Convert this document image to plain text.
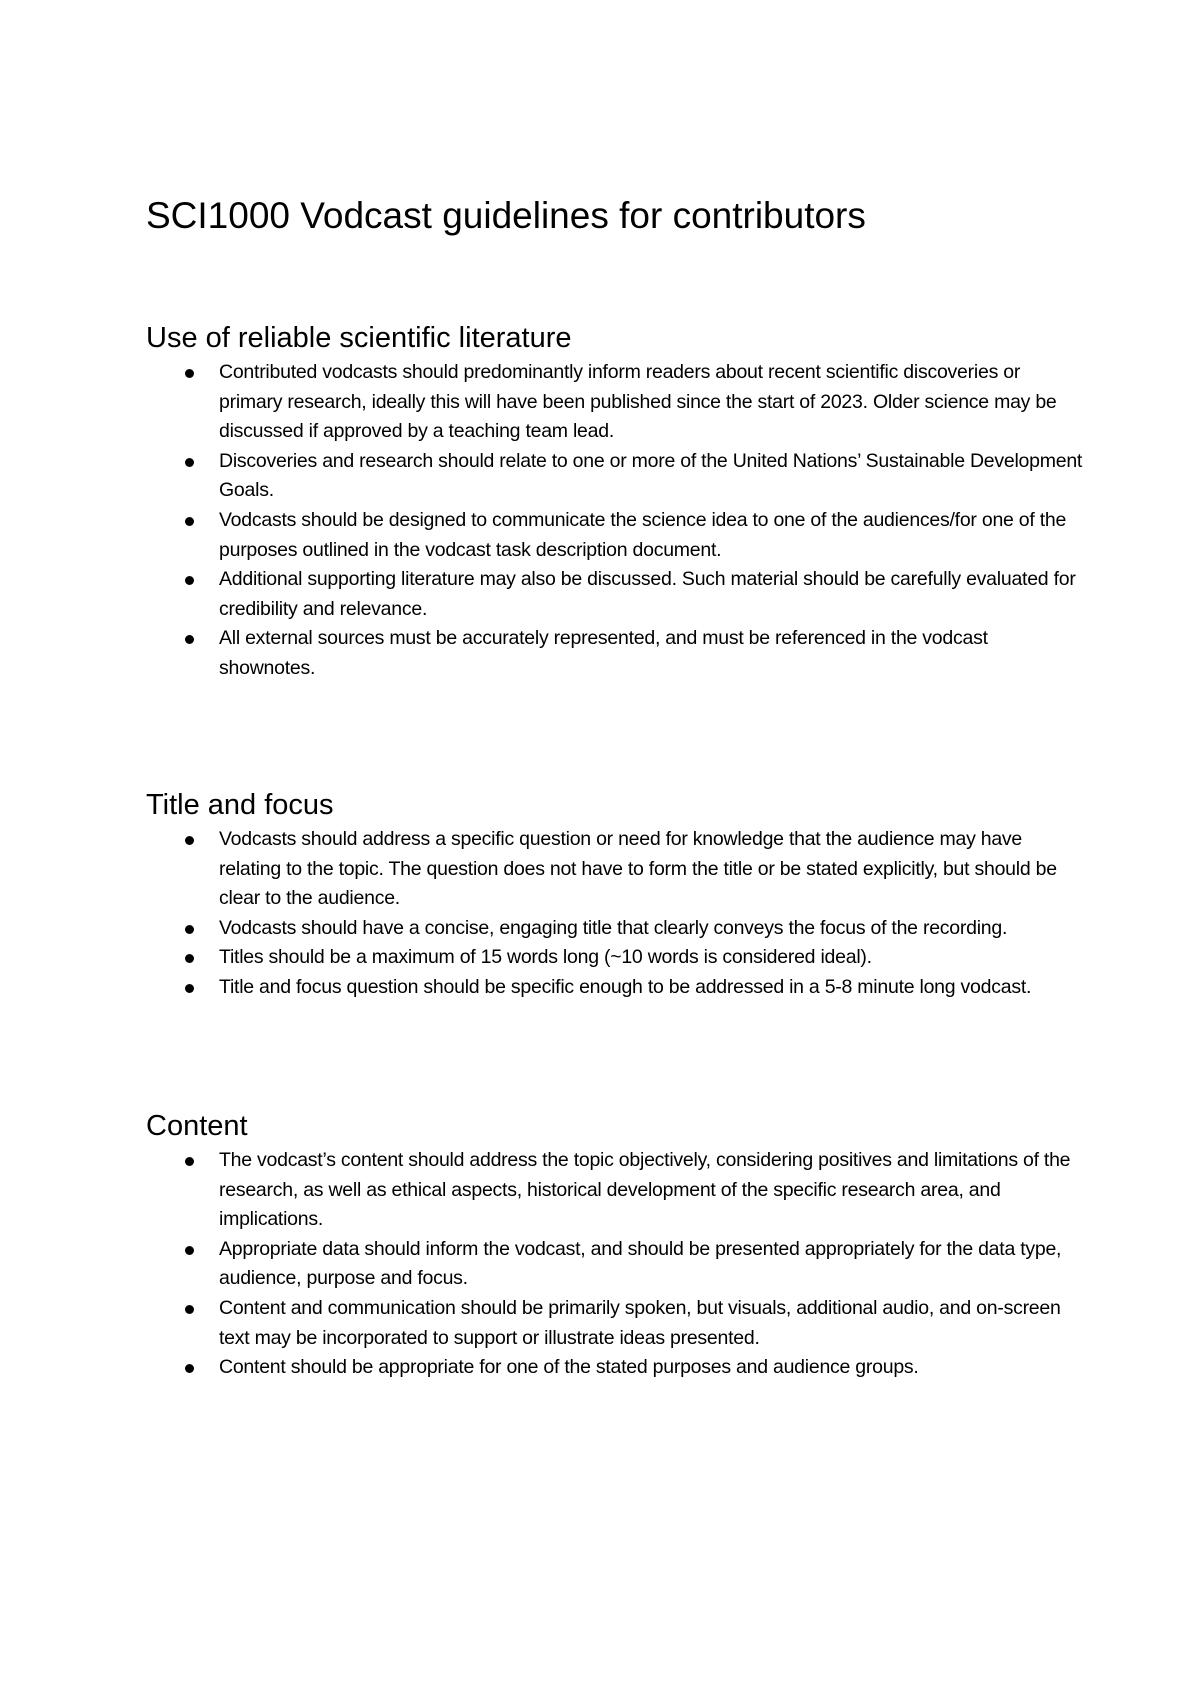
SCI1000 Vodcast guidelines for contributors
Use of reliable scientific literature
Contributed vodcasts should predominantly inform readers about recent scientific discoveries or primary research, ideally this will have been published since the start of 2023. Older science may be discussed if approved by a teaching team lead.
Discoveries and research should relate to one or more of the United Nations’ Sustainable Development Goals.
Vodcasts should be designed to communicate the science idea to one of the audiences/for one of the purposes outlined in the vodcast task description document.
Additional supporting literature may also be discussed. Such material should be carefully evaluated for credibility and relevance.
All external sources must be accurately represented, and must be referenced in the vodcast shownotes.
Title and focus
Vodcasts should address a specific question or need for knowledge that the audience may have relating to the topic. The question does not have to form the title or be stated explicitly, but should be clear to the audience.
Vodcasts should have a concise, engaging title that clearly conveys the focus of the recording.
Titles should be a maximum of 15 words long (~10 words is considered ideal).
Title and focus question should be specific enough to be addressed in a 5-8 minute long vodcast.
Content
The vodcast’s content should address the topic objectively, considering positives and limitations of the research, as well as ethical aspects, historical development of the specific research area, and implications.
Appropriate data should inform the vodcast, and should be presented appropriately for the data type, audience, purpose and focus.
Content and communication should be primarily spoken, but visuals, additional audio, and on-screen text may be incorporated to support or illustrate ideas presented.
Content should be appropriate for one of the stated purposes and audience groups.
